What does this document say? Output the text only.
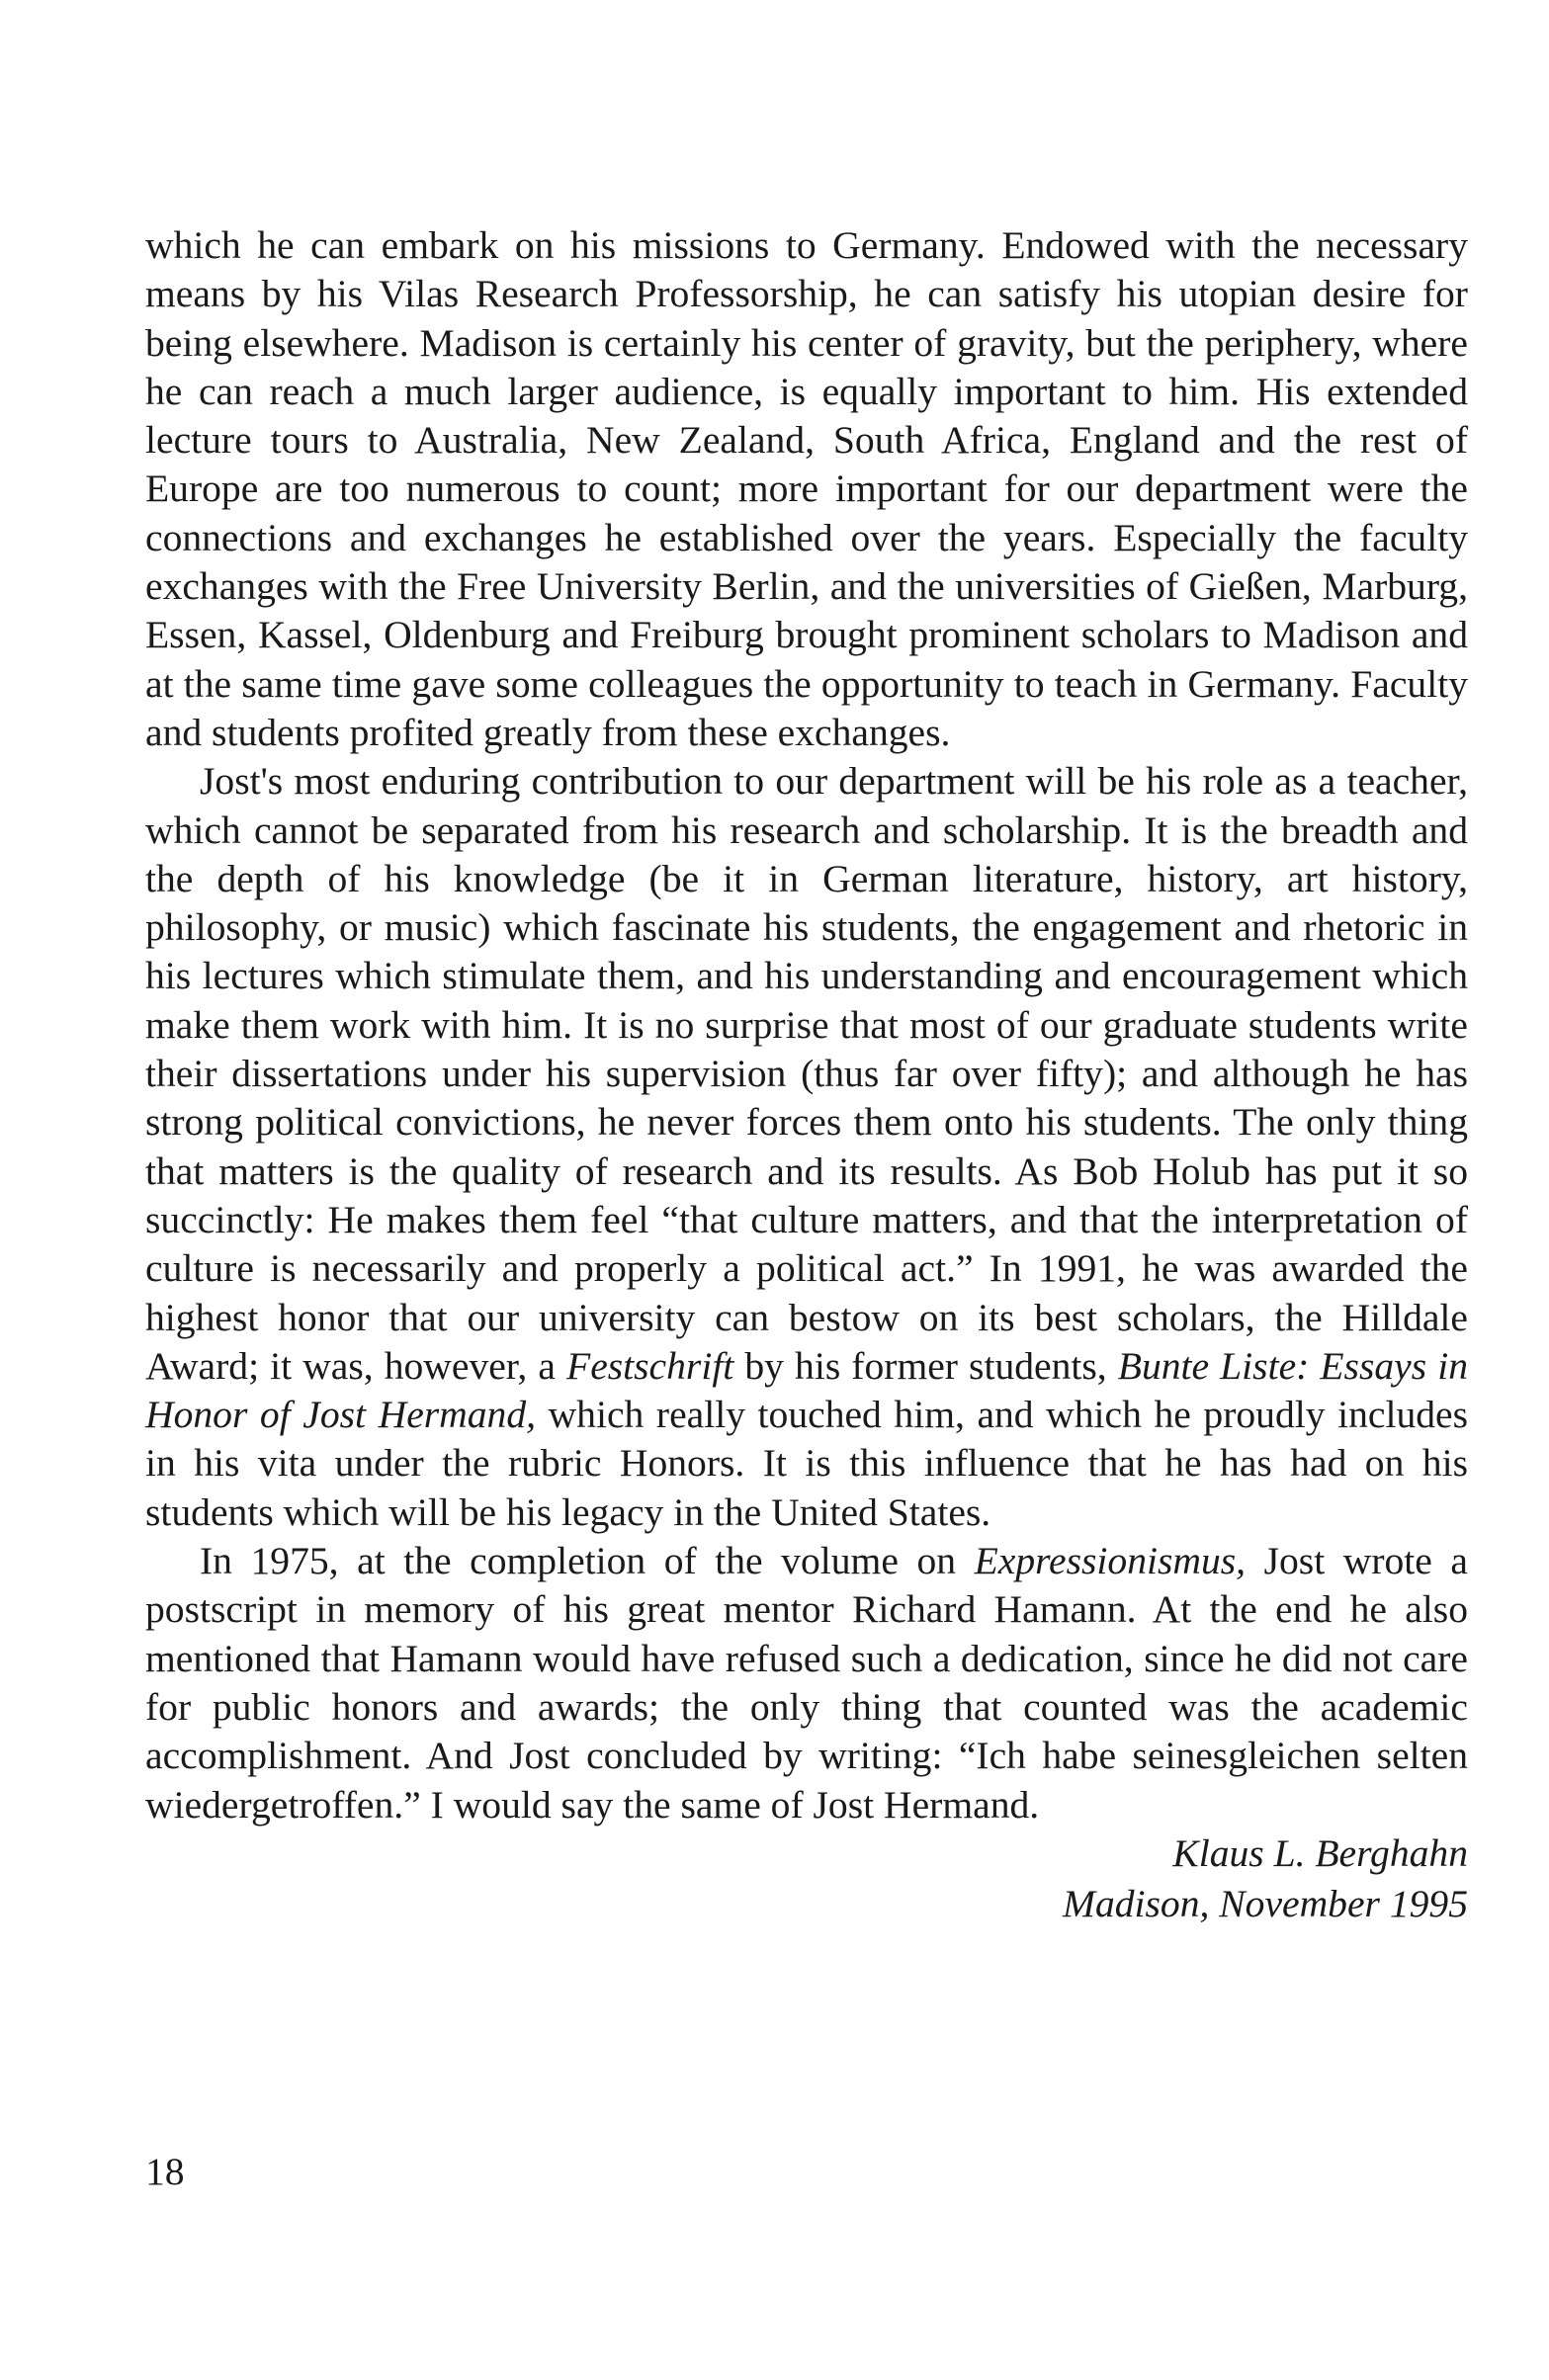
which he can embark on his missions to Germany. Endowed with the necessary means by his Vilas Research Professorship, he can satisfy his utopian desire for being elsewhere. Madison is certainly his center of gravity, but the periphery, where he can reach a much larger audience, is equally important to him. His extended lecture tours to Australia, New Zealand, South Africa, England and the rest of Europe are too numerous to count; more important for our department were the connections and exchanges he established over the years. Especially the faculty exchanges with the Free University Berlin, and the universities of Gießen, Marburg, Essen, Kassel, Oldenburg and Freiburg brought prominent scholars to Madison and at the same time gave some colleagues the opportunity to teach in Germany. Faculty and students profited greatly from these exchanges.

Jost's most enduring contribution to our department will be his role as a teacher, which cannot be separated from his research and scholarship. It is the breadth and the depth of his knowledge (be it in German literature, history, art history, philosophy, or music) which fascinate his students, the engagement and rhetoric in his lectures which stimulate them, and his understanding and encouragement which make them work with him. It is no surprise that most of our graduate students write their dissertations under his supervision (thus far over fifty); and although he has strong political convictions, he never forces them onto his students. The only thing that matters is the quality of research and its results. As Bob Holub has put it so succinctly: He makes them feel “that culture matters, and that the interpretation of culture is necessarily and properly a political act.” In 1991, he was awarded the highest honor that our university can bestow on its best scholars, the Hilldale Award; it was, however, a Festschrift by his former students, Bunte Liste: Essays in Honor of Jost Hermand, which really touched him, and which he proudly includes in his vita under the rubric Honors. It is this influence that he has had on his students which will be his legacy in the United States.

In 1975, at the completion of the volume on Expressionismus, Jost wrote a postscript in memory of his great mentor Richard Hamann. At the end he also mentioned that Hamann would have refused such a dedication, since he did not care for public honors and awards; the only thing that counted was the academic accomplishment. And Jost concluded by writing: “Ich habe seinesgleichen selten wiedergetroffen.” I would say the same of Jost Hermand.

Klaus L. Berghahn
Madison, November 1995
18
